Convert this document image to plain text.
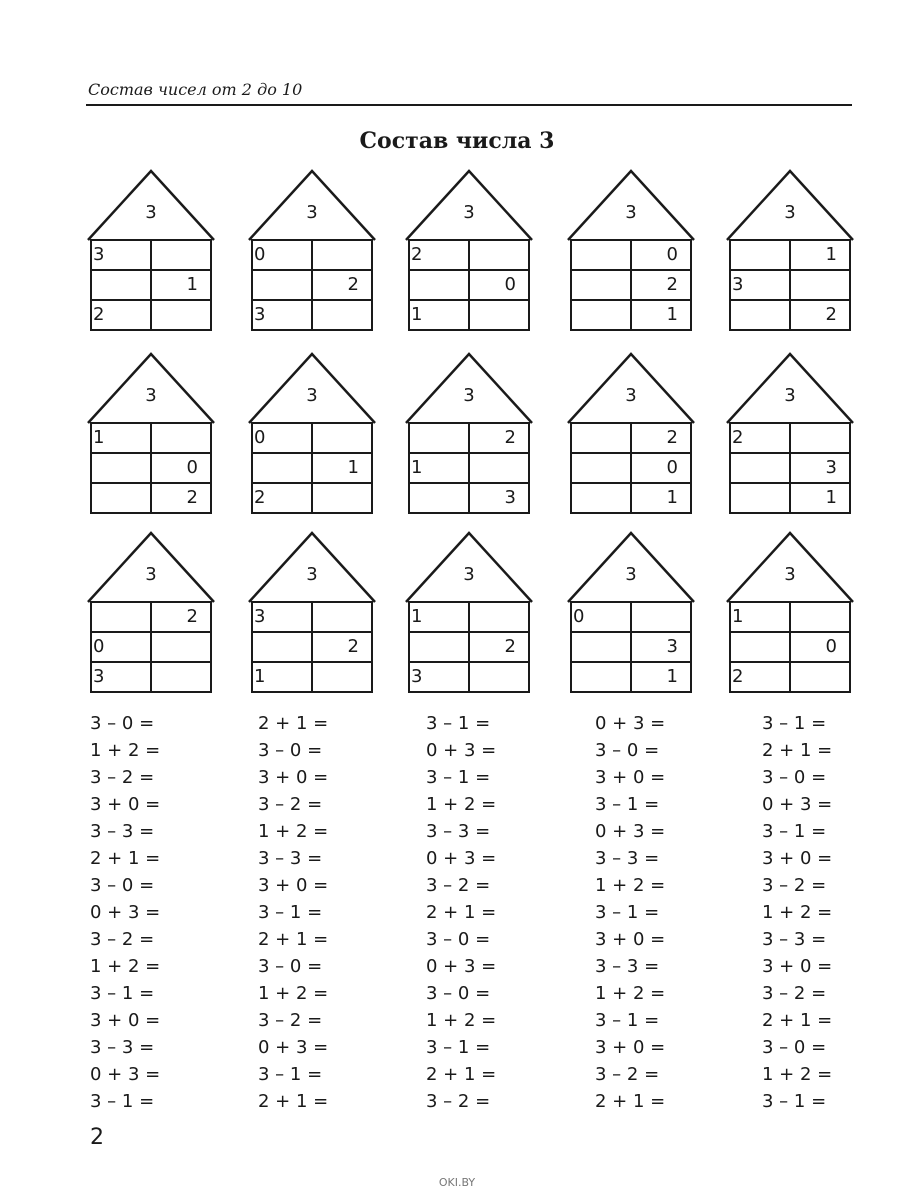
Состав чисел от 2 до 10
Состав числа 3
3
3
1
2
3
0
2
3
3
2
0
1
3
0
2
1
3
1
3
2
3
1
0
2
3
0
1
2
3
2
1
3
3
2
0
1
3
2
3
1
3
2
0
3
3
3
2
1
3
1
2
3
3
0
3
1
3
1
0
2
3 – 0 =
1 + 2 =
3 – 2 =
3 + 0 =
3 – 3 =
2 + 1 =
3 – 0 =
0 + 3 =
3 – 2 =
1 + 2 =
3 – 1 =
3 + 0 =
3 – 3 =
0 + 3 =
3 – 1 =
2 + 1 =
3 – 0 =
3 + 0 =
3 – 2 =
1 + 2 =
3 – 3 =
3 + 0 =
3 – 1 =
2 + 1 =
3 – 0 =
1 + 2 =
3 – 2 =
0 + 3 =
3 – 1 =
2 + 1 =
3 – 1 =
0 + 3 =
3 – 1 =
1 + 2 =
3 – 3 =
0 + 3 =
3 – 2 =
2 + 1 =
3 – 0 =
0 + 3 =
3 – 0 =
1 + 2 =
3 – 1 =
2 + 1 =
3 – 2 =
0 + 3 =
3 – 0 =
3 + 0 =
3 – 1 =
0 + 3 =
3 – 3 =
1 + 2 =
3 – 1 =
3 + 0 =
3 – 3 =
1 + 2 =
3 – 1 =
3 + 0 =
3 – 2 =
2 + 1 =
3 – 1 =
2 + 1 =
3 – 0 =
0 + 3 =
3 – 1 =
3 + 0 =
3 – 2 =
1 + 2 =
3 – 3 =
3 + 0 =
3 – 2 =
2 + 1 =
3 – 0 =
1 + 2 =
3 – 1 =
2
OKI.BY
